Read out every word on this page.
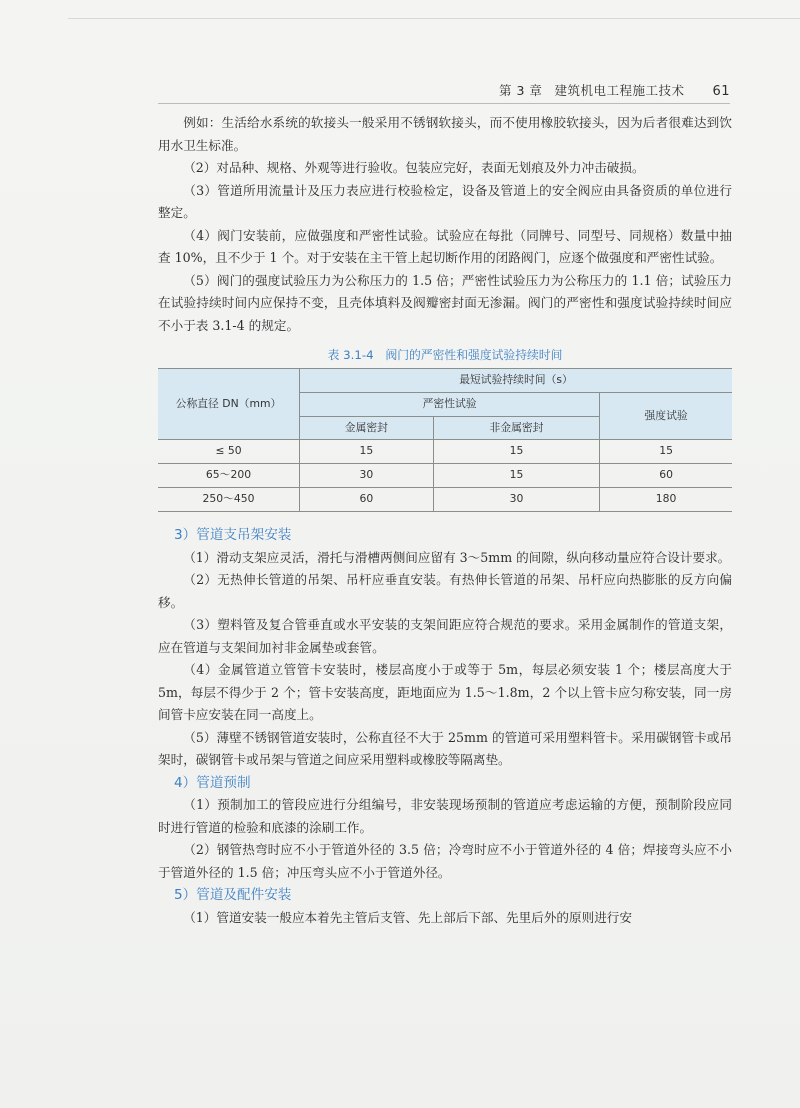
第 3 章 建筑机电工程施工技术 61

例如：生活给水系统的软接头一般采用不锈钢软接头，而不使用橡胶软接头，因为后者很难达到饮用水卫生标准。

（2）对品种、规格、外观等进行验收。包装应完好，表面无划痕及外力冲击破损。

（3）管道所用流量计及压力表应进行校验检定，设备及管道上的安全阀应由具备资质的单位进行整定。

（4）阀门安装前，应做强度和严密性试验。试验应在每批（同牌号、同型号、同规格）数量中抽查 10%，且不少于 1 个。对于安装在主干管上起切断作用的闭路阀门，应逐个做强度和严密性试验。

（5）阀门的强度试验压力为公称压力的 1.5 倍；严密性试验压力为公称压力的 1.1 倍；试验压力在试验持续时间内应保持不变，且壳体填料及阀瓣密封面无渗漏。阀门的严密性和强度试验持续时间应不小于表 3.1-4 的规定。

表 3.1-4　阀门的严密性和强度试验持续时间
公称直径 DN（mm）	最短试验持续时间（s）		
	严密性试验		强度试验
	金属密封	非金属密封	
≤ 50	15	15	15
65～200	30	15	60
250～450	60	30	180
3）管道支吊架安装

（1）滑动支架应灵活，滑托与滑槽两侧间应留有 3～5mm 的间隙，纵向移动量应符合设计要求。

（2）无热伸长管道的吊架、吊杆应垂直安装。有热伸长管道的吊架、吊杆应向热膨胀的反方向偏移。

（3）塑料管及复合管垂直或水平安装的支架间距应符合规范的要求。采用金属制作的管道支架，应在管道与支架间加衬非金属垫或套管。

（4）金属管道立管管卡安装时，楼层高度小于或等于 5m，每层必须安装 1 个；楼层高度大于 5m，每层不得少于 2 个；管卡安装高度，距地面应为 1.5～1.8m，2 个以上管卡应匀称安装，同一房间管卡应安装在同一高度上。

（5）薄壁不锈钢管道安装时，公称直径不大于 25mm 的管道可采用塑料管卡。采用碳钢管卡或吊架时，碳钢管卡或吊架与管道之间应采用塑料或橡胶等隔离垫。

4）管道预制

（1）预制加工的管段应进行分组编号，非安装现场预制的管道应考虑运输的方便，预制阶段应同时进行管道的检验和底漆的涂刷工作。

（2）钢管热弯时应不小于管道外径的 3.5 倍；冷弯时应不小于管道外径的 4 倍；焊接弯头应不小于管道外径的 1.5 倍；冲压弯头应不小于管道外径。

5）管道及配件安装

（1）管道安装一般应本着先主管后支管、先上部后下部、先里后外的原则进行安
